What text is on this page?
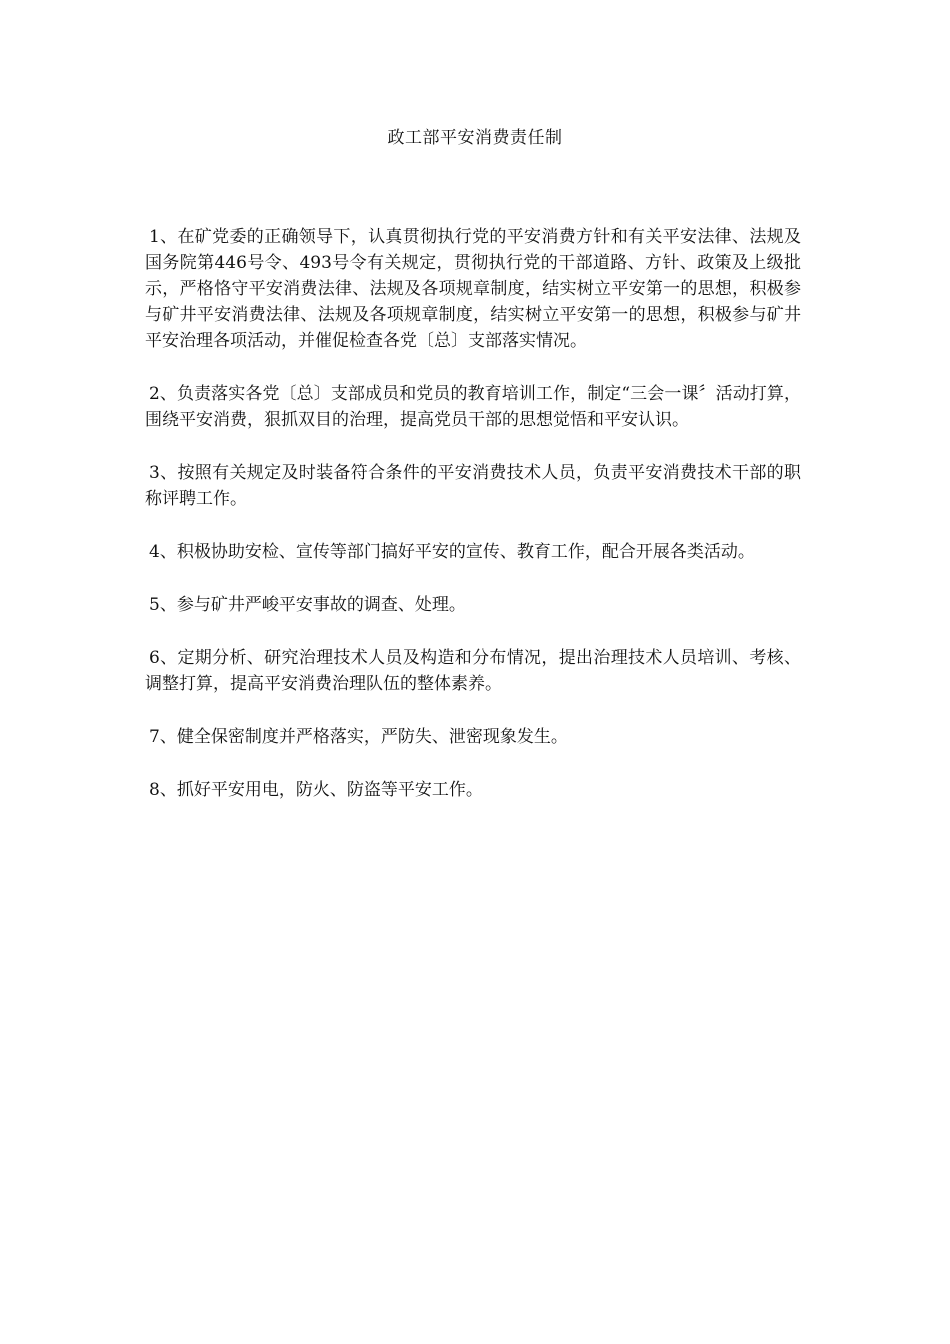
政工部平安消费责任制

1、在矿党委的正确领导下，认真贯彻执行党的平安消费方针和有关平安法律、法规及国务院第446号令、493号令有关规定，贯彻执行党的干部道路、方针、政策及上级批示，严格恪守平安消费法律、法规及各项规章制度，结实树立平安第一的思想，积极参与矿井平安消费法律、法规及各项规章制度，结实树立平安第一的思想，积极参与矿井平安治理各项活动，并催促检查各党〔总〕支部落实情况。

2、负责落实各党〔总〕支部成员和党员的教育培训工作，制定“三会一课〞活动打算，围绕平安消费，狠抓双目的治理，提高党员干部的思想觉悟和平安认识。

3、按照有关规定及时装备符合条件的平安消费技术人员，负责平安消费技术干部的职称评聘工作。

4、积极协助安检、宣传等部门搞好平安的宣传、教育工作，配合开展各类活动。

5、参与矿井严峻平安事故的调查、处理。

6、定期分析、研究治理技术人员及构造和分布情况，提出治理技术人员培训、考核、调整打算，提高平安消费治理队伍的整体素养。

7、健全保密制度并严格落实，严防失、泄密现象发生。

8、抓好平安用电，防火、防盗等平安工作。
